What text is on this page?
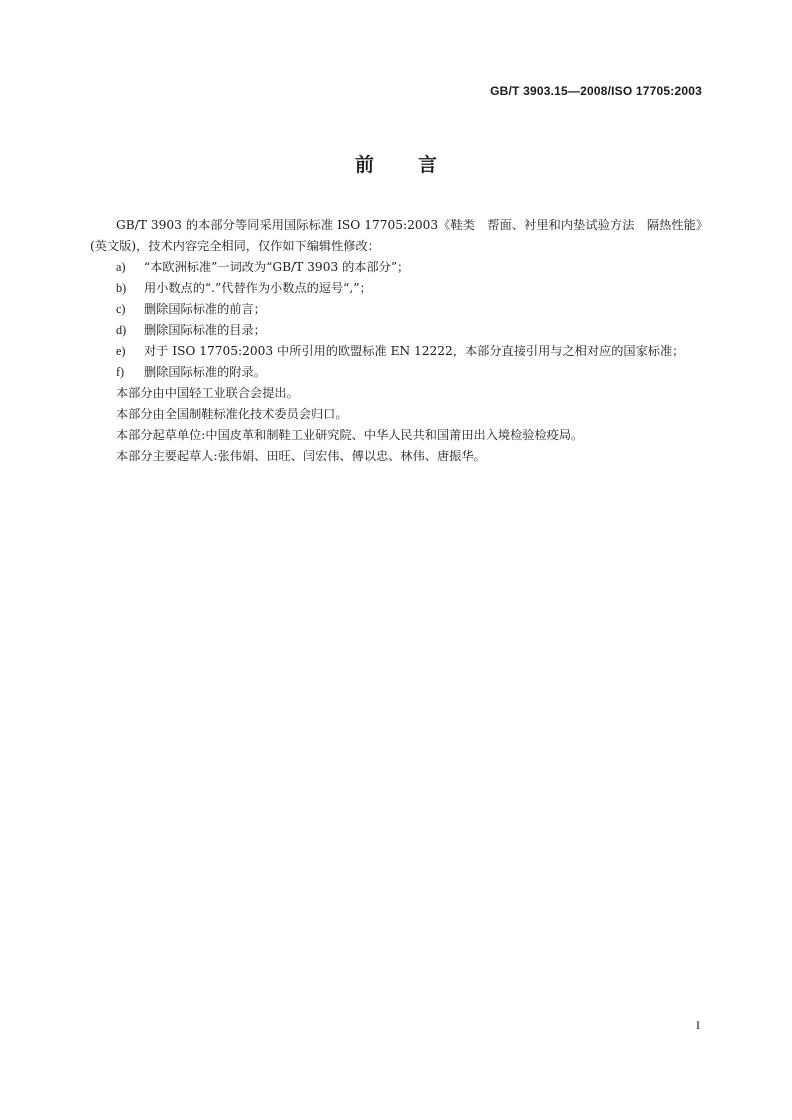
GB/T 3903.15—2008/ISO 17705:2003
前言

GB/T 3903 的本部分等同采用国际标准 ISO 17705:2003《鞋类　帮面、衬里和内垫试验方法　隔热性能》(英文版)，技术内容完全相同，仅作如下编辑性修改：

a)	“本欧洲标准”一词改为“GB/T 3903 的本部分”；
b)	用小数点的“.”代替作为小数点的逗号“,”；
c)	删除国际标准的前言；
d)	删除国际标准的目录；
e)	对于 ISO 17705:2003 中所引用的欧盟标准 EN 12222，本部分直接引用与之相对应的国家标准；
f)	删除国际标准的附录。

本部分由中国轻工业联合会提出。

本部分由全国制鞋标准化技术委员会归口。

本部分起草单位:中国皮革和制鞋工业研究院、中华人民共和国莆田出入境检验检疫局。

本部分主要起草人:张伟娟、田旺、闫宏伟、傅以忠、林伟、唐振华。

I
